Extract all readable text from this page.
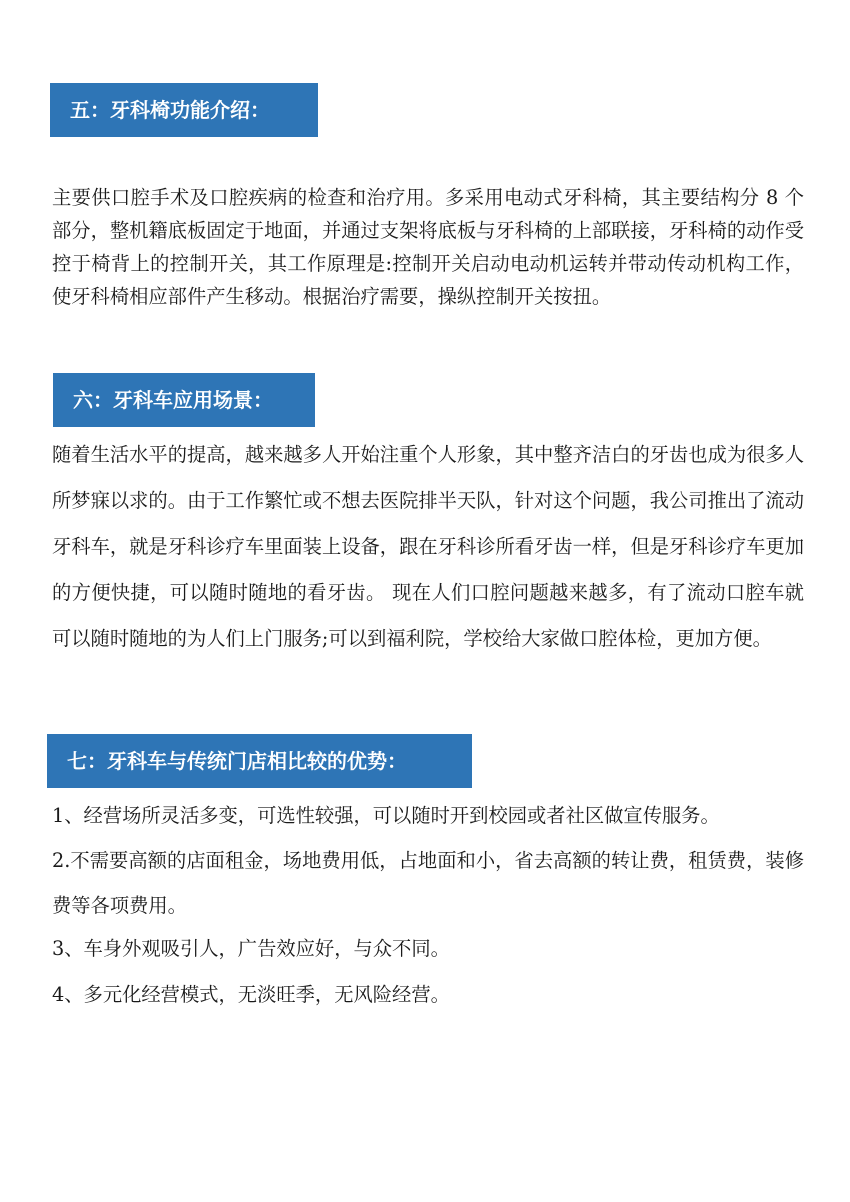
五：牙科椅功能介绍：

主要供口腔手术及口腔疾病的检查和治疗用。多采用电动式牙科椅，其主要结构分 8 个部分，整机籍底板固定于地面，并通过支架将底板与牙科椅的上部联接，牙科椅的动作受控于椅背上的控制开关，其工作原理是:控制开关启动电动机运转并带动传动机构工作，使牙科椅相应部件产生移动。根据治疗需要，操纵控制开关按扭。

六：牙科车应用场景：

随着生活水平的提高，越来越多人开始注重个人形象，其中整齐洁白的牙齿也成为很多人所梦寐以求的。由于工作繁忙或不想去医院排半天队，针对这个问题，我公司推出了流动牙科车，就是牙科诊疗车里面装上设备，跟在牙科诊所看牙齿一样，但是牙科诊疗车更加的方便快捷，可以随时随地的看牙齿。 现在人们口腔问题越来越多，有了流动口腔车就可以随时随地的为人们上门服务;可以到福利院，学校给大家做口腔体检，更加方便。

七：牙科车与传统门店相比较的优势：

1、经营场所灵活多变，可选性较强，可以随时开到校园或者社区做宣传服务。

2.不需要高额的店面租金，场地费用低，占地面和小，省去高额的转让费，租赁费，装修费等各项费用。

3、车身外观吸引人，广告效应好，与众不同。

4、多元化经营模式，无淡旺季，无风险经营。
